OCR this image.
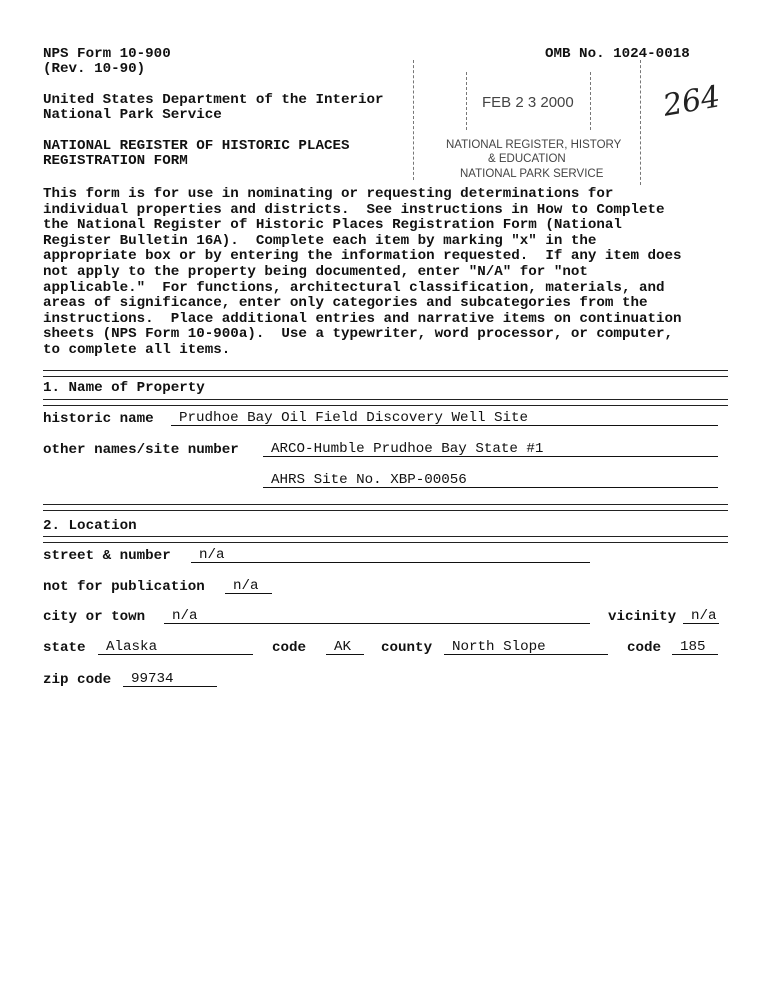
NPS Form 10-900
(Rev. 10-90)
OMB No. 1024-0018
United States Department of the Interior
National Park Service
NATIONAL REGISTER OF HISTORIC PLACES
REGISTRATION FORM
FEB 2 3 2000
NATIONAL REGISTER, HISTORY
& EDUCATION
NATIONAL PARK SERVICE
264
This form is for use in nominating or requesting determinations for
individual properties and districts.  See instructions in How to Complete
the National Register of Historic Places Registration Form (National
Register Bulletin 16A).  Complete each item by marking "x" in the
appropriate box or by entering the information requested.  If any item does
not apply to the property being documented, enter "N/A" for "not
applicable."  For functions, architectural classification, materials, and
areas of significance, enter only categories and subcategories from the
instructions.  Place additional entries and narrative items on continuation
sheets (NPS Form 10-900a).  Use a typewriter, word processor, or computer,
to complete all items.
1. Name of Property
historic name	Prudhoe Bay Oil Field Discovery Well Site
other names/site number	ARCO-Humble Prudhoe Bay State #1
AHRS Site No. XBP-00056
2. Location
street & number	n/a
not for publication	n/a
city or town	n/a	vicinity	n/a
state	Alaska	code	AK	county	North Slope	code	185
zip code	99734
